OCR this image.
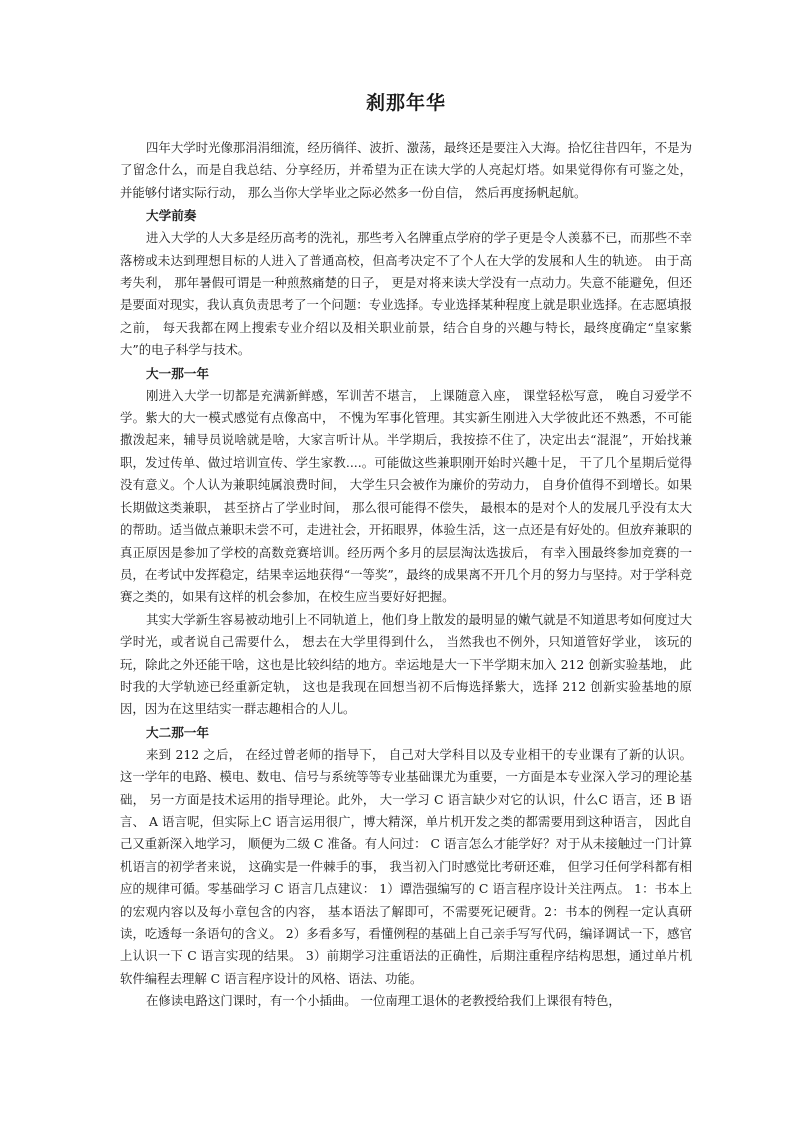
刹那年华

四年大学时光像那涓涓细流，经历徜徉、波折、激荡，最终还是要注入大海。拾忆往昔四年，不是为了留念什么，而是自我总结、分享经历，并希望为正在读大学的人亮起灯塔。如果觉得你有可鉴之处， 并能够付诸实际行动， 那么当你大学毕业之际必然多一份自信， 然后再度扬帆起航。

大学前奏

进入大学的人大多是经历高考的洗礼，那些考入名牌重点学府的学子更是令人羡慕不已，而那些不幸落榜或未达到理想目标的人进入了普通高校，但高考决定不了个人在大学的发展和人生的轨迹。 由于高考失利， 那年暑假可谓是一种煎熬痛楚的日子， 更是对将来读大学没有一点动力。失意不能避免，但还是要面对现实，我认真负责思考了一个问题：专业选择。专业选择某种程度上就是职业选择。在志愿填报之前， 每天我都在网上搜索专业介绍以及相关职业前景，结合自身的兴趣与特长，最终度确定“皇家紫大”的电子科学与技术。

大一那一年

刚进入大学一切都是充满新鲜感，军训苦不堪言， 上课随意入座， 课堂轻松写意， 晚自习爱学不学。紫大的大一模式感觉有点像高中， 不愧为军事化管理。其实新生刚进入大学彼此还不熟悉，不可能撒泼起来，辅导员说啥就是啥，大家言听计从。半学期后，我按捺不住了，决定出去“混混”，开始找兼职，发过传单、做过培训宣传、学生家教....。可能做这些兼职刚开始时兴趣十足， 干了几个星期后觉得没有意义。个人认为兼职纯属浪费时间， 大学生只会被作为廉价的劳动力， 自身价值得不到增长。如果长期做这类兼职， 甚至挤占了学业时间， 那么很可能得不偿失， 最根本的是对个人的发展几乎没有太大的帮助。适当做点兼职未尝不可，走进社会，开拓眼界，体验生活，这一点还是有好处的。但放弃兼职的真正原因是参加了学校的高数竞赛培训。经历两个多月的层层淘汰选拔后， 有幸入围最终参加竞赛的一员，在考试中发挥稳定，结果幸运地获得“一等奖”，最终的成果离不开几个月的努力与坚持。对于学科竞赛之类的，如果有这样的机会参加，在校生应当要好好把握。

其实大学新生容易被动地引上不同轨道上，他们身上散发的最明显的嫩气就是不知道思考如何度过大学时光，或者说自己需要什么， 想去在大学里得到什么， 当然我也不例外，只知道管好学业， 该玩的玩，除此之外还能干啥，这也是比较纠结的地方。幸运地是大一下半学期末加入 212 创新实验基地， 此时我的大学轨迹已经重新定轨， 这也是我现在回想当初不后悔选择紫大，选择 212 创新实验基地的原因，因为在这里结实一群志趣相合的人儿。

大二那一年

来到 212 之后， 在经过曾老师的指导下， 自己对大学科目以及专业相干的专业课有了新的认识。这一学年的电路、模电、数电、信号与系统等等专业基础课尤为重要，一方面是本专业深入学习的理论基础， 另一方面是技术运用的指导理论。此外， 大一学习 C 语言缺少对它的认识，什么C 语言，还 B 语言、 A 语言呢，但实际上C 语言运用很广，博大精深，单片机开发之类的都需要用到这种语言， 因此自己又重新深入地学习， 顺便为二级 C 准备。有人问过： C 语言怎么才能学好？对于从未接触过一门计算机语言的初学者来说， 这确实是一件棘手的事， 我当初入门时感觉比考研还难， 但学习任何学科都有相应的规律可循。零基础学习 C 语言几点建议： 1）谭浩强编写的 C 语言程序设计关注两点。 1：书本上的宏观内容以及每小章包含的内容， 基本语法了解即可，不需要死记硬背。2：书本的例程一定认真研读，吃透每一条语句的含义。 2）多看多写，看懂例程的基础上自己亲手写写代码，编译调试一下，感官上认识一下 C 语言实现的结果。 3）前期学习注重语法的正确性，后期注重程序结构思想，通过单片机软件编程去理解 C 语言程序设计的风格、语法、功能。

在修读电路这门课时，有一个小插曲。 一位南理工退休的老教授给我们上课很有特色，
